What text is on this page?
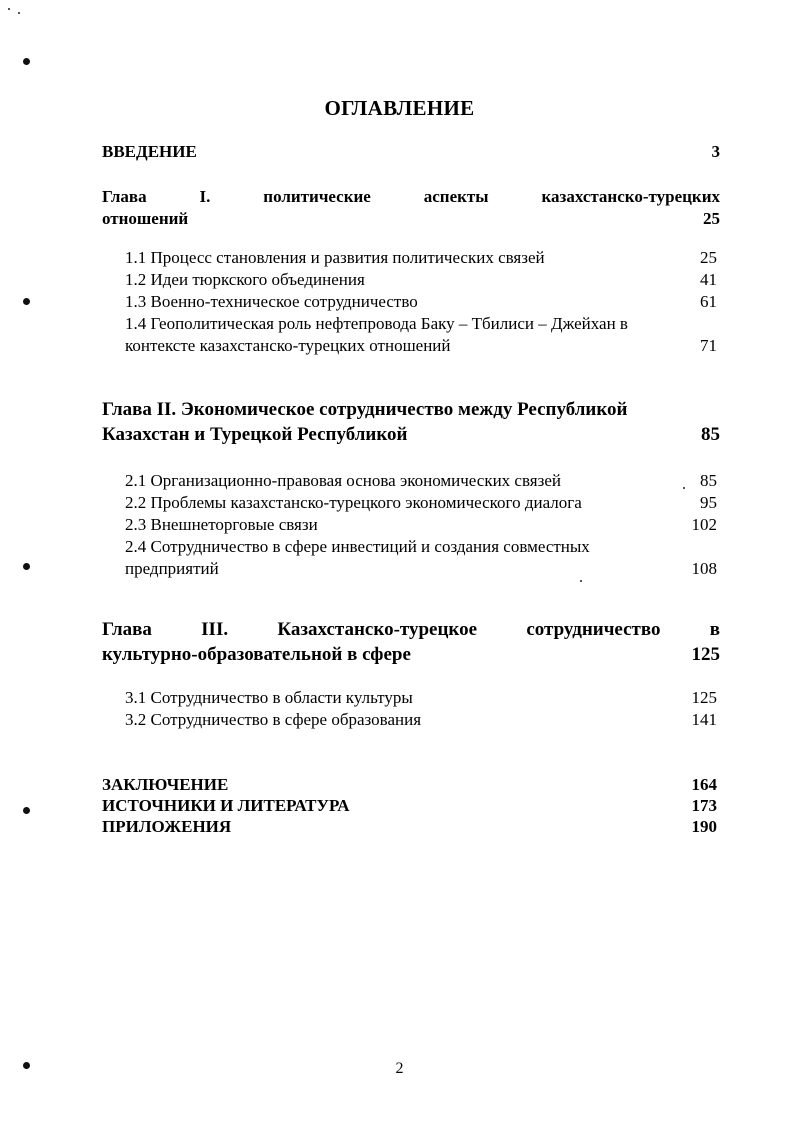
ОГЛАВЛЕНИЕ
ВВЕДЕНИЕ	3
Глава	I.	политические	аспекты	казахстанско-турецких
отношений	25
1.1 Процесс становления и развития политических связей	25
1.2 Идеи тюркского объединения	41
1.3 Военно-техническое сотрудничество	61
1.4 Геополитическая роль нефтепровода Баку – Тбилиси – Джейхан в
контексте казахстанско-турецких отношений	71
Глава II. Экономическое сотрудничество между Республикой
Казахстан и Турецкой Республикой	85
2.1 Организационно-правовая основа экономических связей	85
2.2 Проблемы казахстанско-турецкого экономического диалога	95
2.3 Внешнеторговые связи	102
2.4 Сотрудничество в сфере инвестиций и создания совместных
предприятий	108
Глава	III.	Казахстанско-турецкое	сотрудничество	в
культурно-образовательной в сфере	125
3.1 Сотрудничество в области культуры	125
3.2 Сотрудничество в сфере образования	141
ЗАКЛЮЧЕНИЕ	164
ИСТОЧНИКИ И ЛИТЕРАТУРА	173
ПРИЛОЖЕНИЯ	190
2
